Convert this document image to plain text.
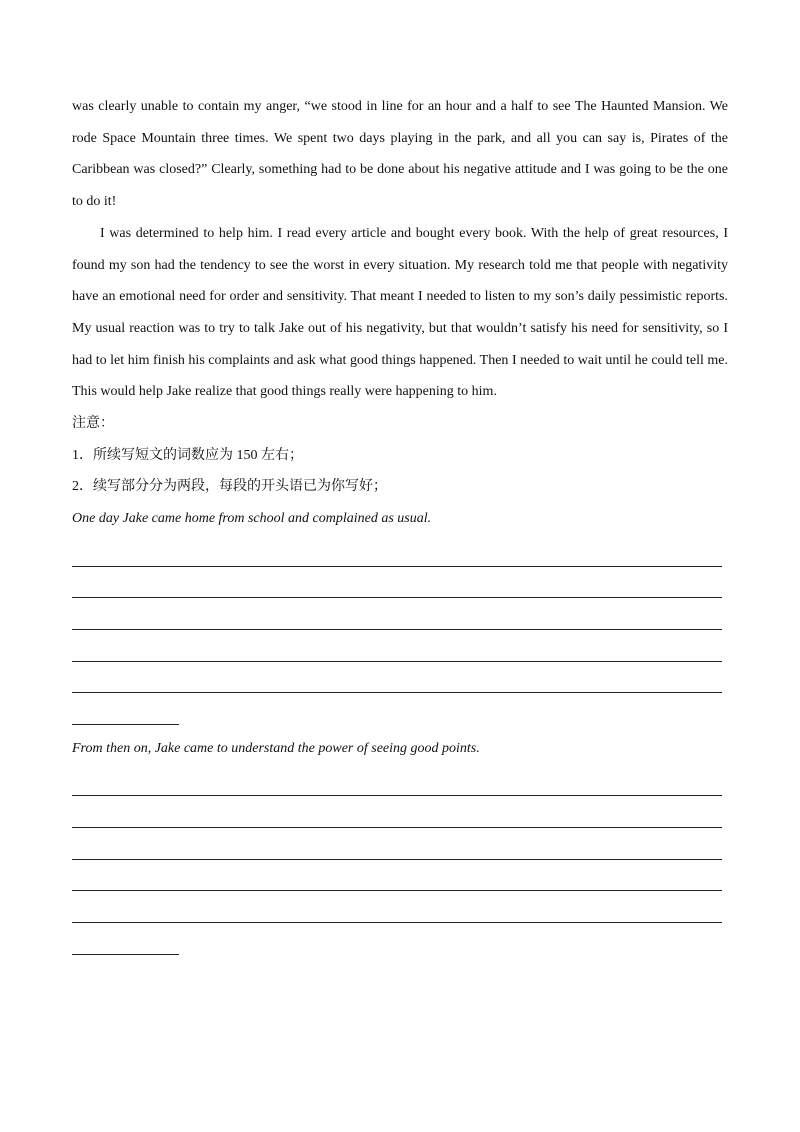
was clearly unable to contain my anger, “we stood in line for an hour and a half to see The Haunted Mansion. We rode Space Mountain three times. We spent two days playing in the park, and all you can say is, Pirates of the Caribbean was closed?” Clearly, something had to be done about his negative attitude and I was going to be the one to do it!

I was determined to help him. I read every article and bought every book. With the help of great resources, I found my son had the tendency to see the worst in every situation. My research told me that people with negativity have an emotional need for order and sensitivity. That meant I needed to listen to my son’s daily pessimistic reports. My usual reaction was to try to talk Jake out of his negativity, but that wouldn’t satisfy his need for sensitivity, so I had to let him finish his complaints and ask what good things happened. Then I needed to wait until he could tell me. This would help Jake realize that good things really were happening to him.

注意：

1．所续写短文的词数应为 150 左右；

2．续写部分分为两段，每段的开头语已为你写好；

One day Jake came home from school and complained as usual.

From then on, Jake came to understand the power of seeing good points.
